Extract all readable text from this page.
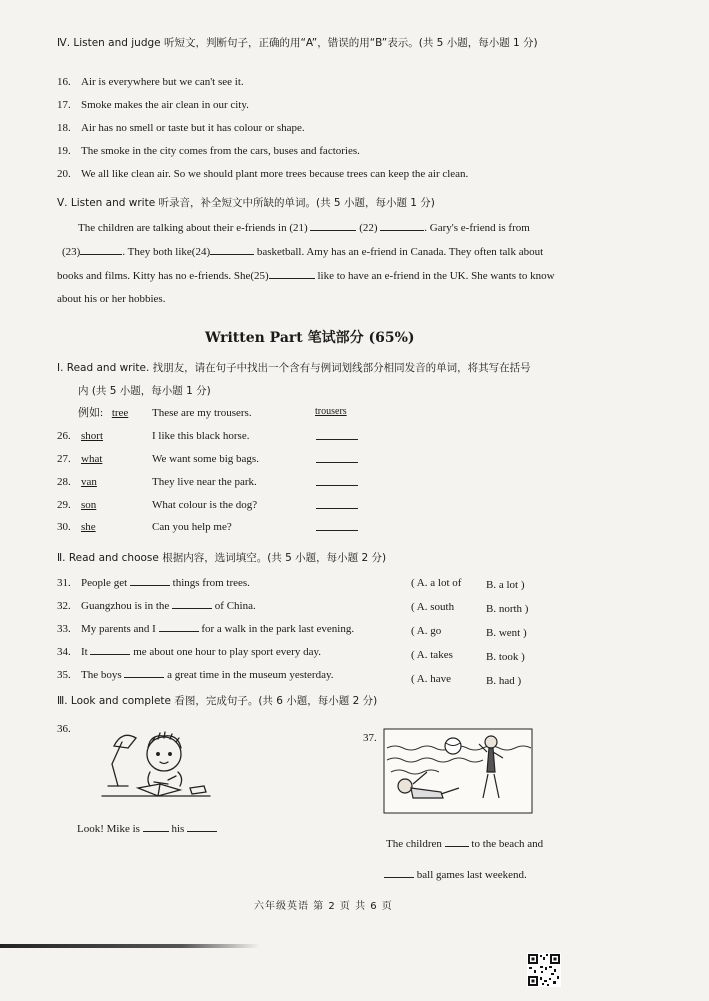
Ⅳ. Listen and judge 听短文，判断句子，正确的用“A”，错误的用“B”表示。(共 5 小题，每小题 1 分)
16. Air is everywhere but we can't see it.
17. Smoke makes the air clean in our city.
18. Air has no smell or taste but it has colour or shape.
19. The smoke in the city comes from the cars, buses and factories.
20. We all like clean air. So we should plant more trees because trees can keep the air clean.
Ⅴ. Listen and write 听录音，补全短文中所缺的单词。(共 5 小题，每小题 1 分)
The children are talking about their e-friends in (21)	(22)	. Gary's e-friend is from
(23)	. They both like(24)	basketball. Amy has an e-friend in Canada. They often talk about
books and films. Kitty has no e-friends. She(25)	like to have an e-friend in the UK. She wants to know
about his or her hobbies.
Written Part 笔试部分 (65%)
Ⅰ. Read and write. 找朋友，请在句子中找出一个含有与例词划线部分相同发音的单词，将其写在括号
内 (共 5 小题，每小题 1 分)
例如: tree These are my trousers.	trousers
26. short	I like this black horse.
27. what	We want some big bags.
28. van	They live near the park.
29. son	What colour is the dog?
30. she	Can you help me?
Ⅱ. Read and choose 根据内容，选词填空。(共 5 小题，每小题 2 分)
31. People get	things from trees.	( A. a lot of B. a lot )
32. Guangzhou is in the	of China.	( A. south	B. north )
33. My parents and I	for a walk in the park last evening.	( A. go	B. went )
34. It	me about one hour to play sport every day.	( A. takes	B. took )
35. The boys	a great time in the museum yesterday.	( A. have	B. had )
Ⅲ. Look and complete 看图，完成句子。(共 6 小题，每小题 2 分)
36.
37.
Look! Mike is	his
The children	to the beach and
ball games last weekend.
六年级英语 第 2 页 共 6 页
